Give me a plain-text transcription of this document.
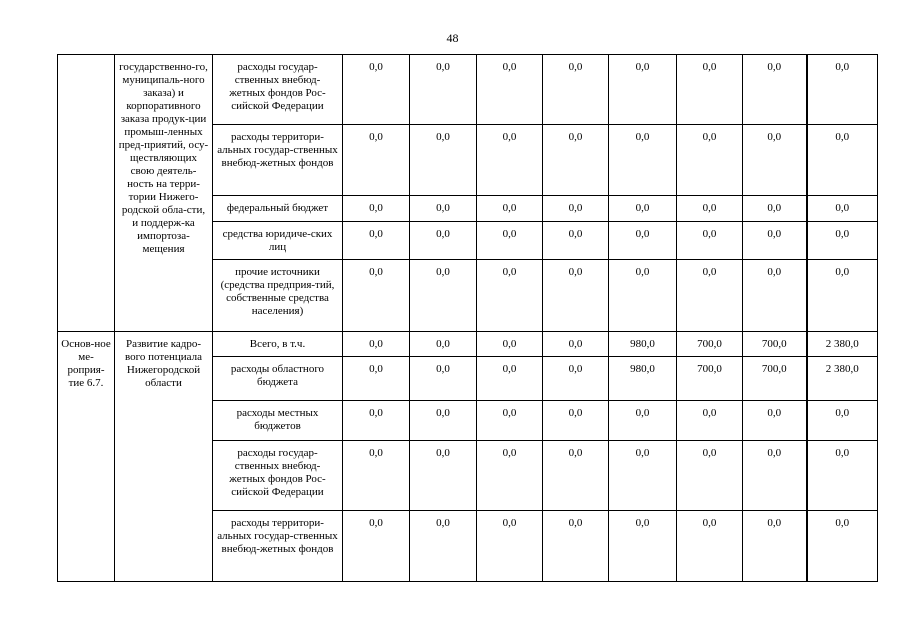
48
	государственно-го, муниципаль-ного заказа) и корпоративного заказа продук-ции промыш-ленных пред-приятий, осу-ществляющих свою деятель-ность на терри-тории Нижего-родской обла-сти, и поддерж-ка импортоза-мещения	расходы государ-ственных внебюд-жетных фондов Рос-сийской Федерации	0,0	0,0	0,0	0,0	0,0	0,0	0,0	0,0
		расходы территори-альных государ-ственных внебюд-жетных фондов	0,0	0,0	0,0	0,0	0,0	0,0	0,0	0,0
		федеральный бюджет	0,0	0,0	0,0	0,0	0,0	0,0	0,0	0,0
		средства юридиче-ских лиц	0,0	0,0	0,0	0,0	0,0	0,0	0,0	0,0
		прочие источники (средства предприя-тий, собственные средства населения)	0,0	0,0	0,0	0,0	0,0	0,0	0,0	0,0
Основ-ное ме-роприя-тие 6.7.	Развитие кадро-вого потенциала Нижегородской области	Всего, в т.ч.	0,0	0,0	0,0	0,0	980,0	700,0	700,0	2 380,0
		расходы областного бюджета	0,0	0,0	0,0	0,0	980,0	700,0	700,0	2 380,0
		расходы местных бюджетов	0,0	0,0	0,0	0,0	0,0	0,0	0,0	0,0
		расходы государ-ственных внебюд-жетных фондов Рос-сийской Федерации	0,0	0,0	0,0	0,0	0,0	0,0	0,0	0,0
		расходы территори-альных государ-ственных внебюд-жетных фондов	0,0	0,0	0,0	0,0	0,0	0,0	0,0	0,0
